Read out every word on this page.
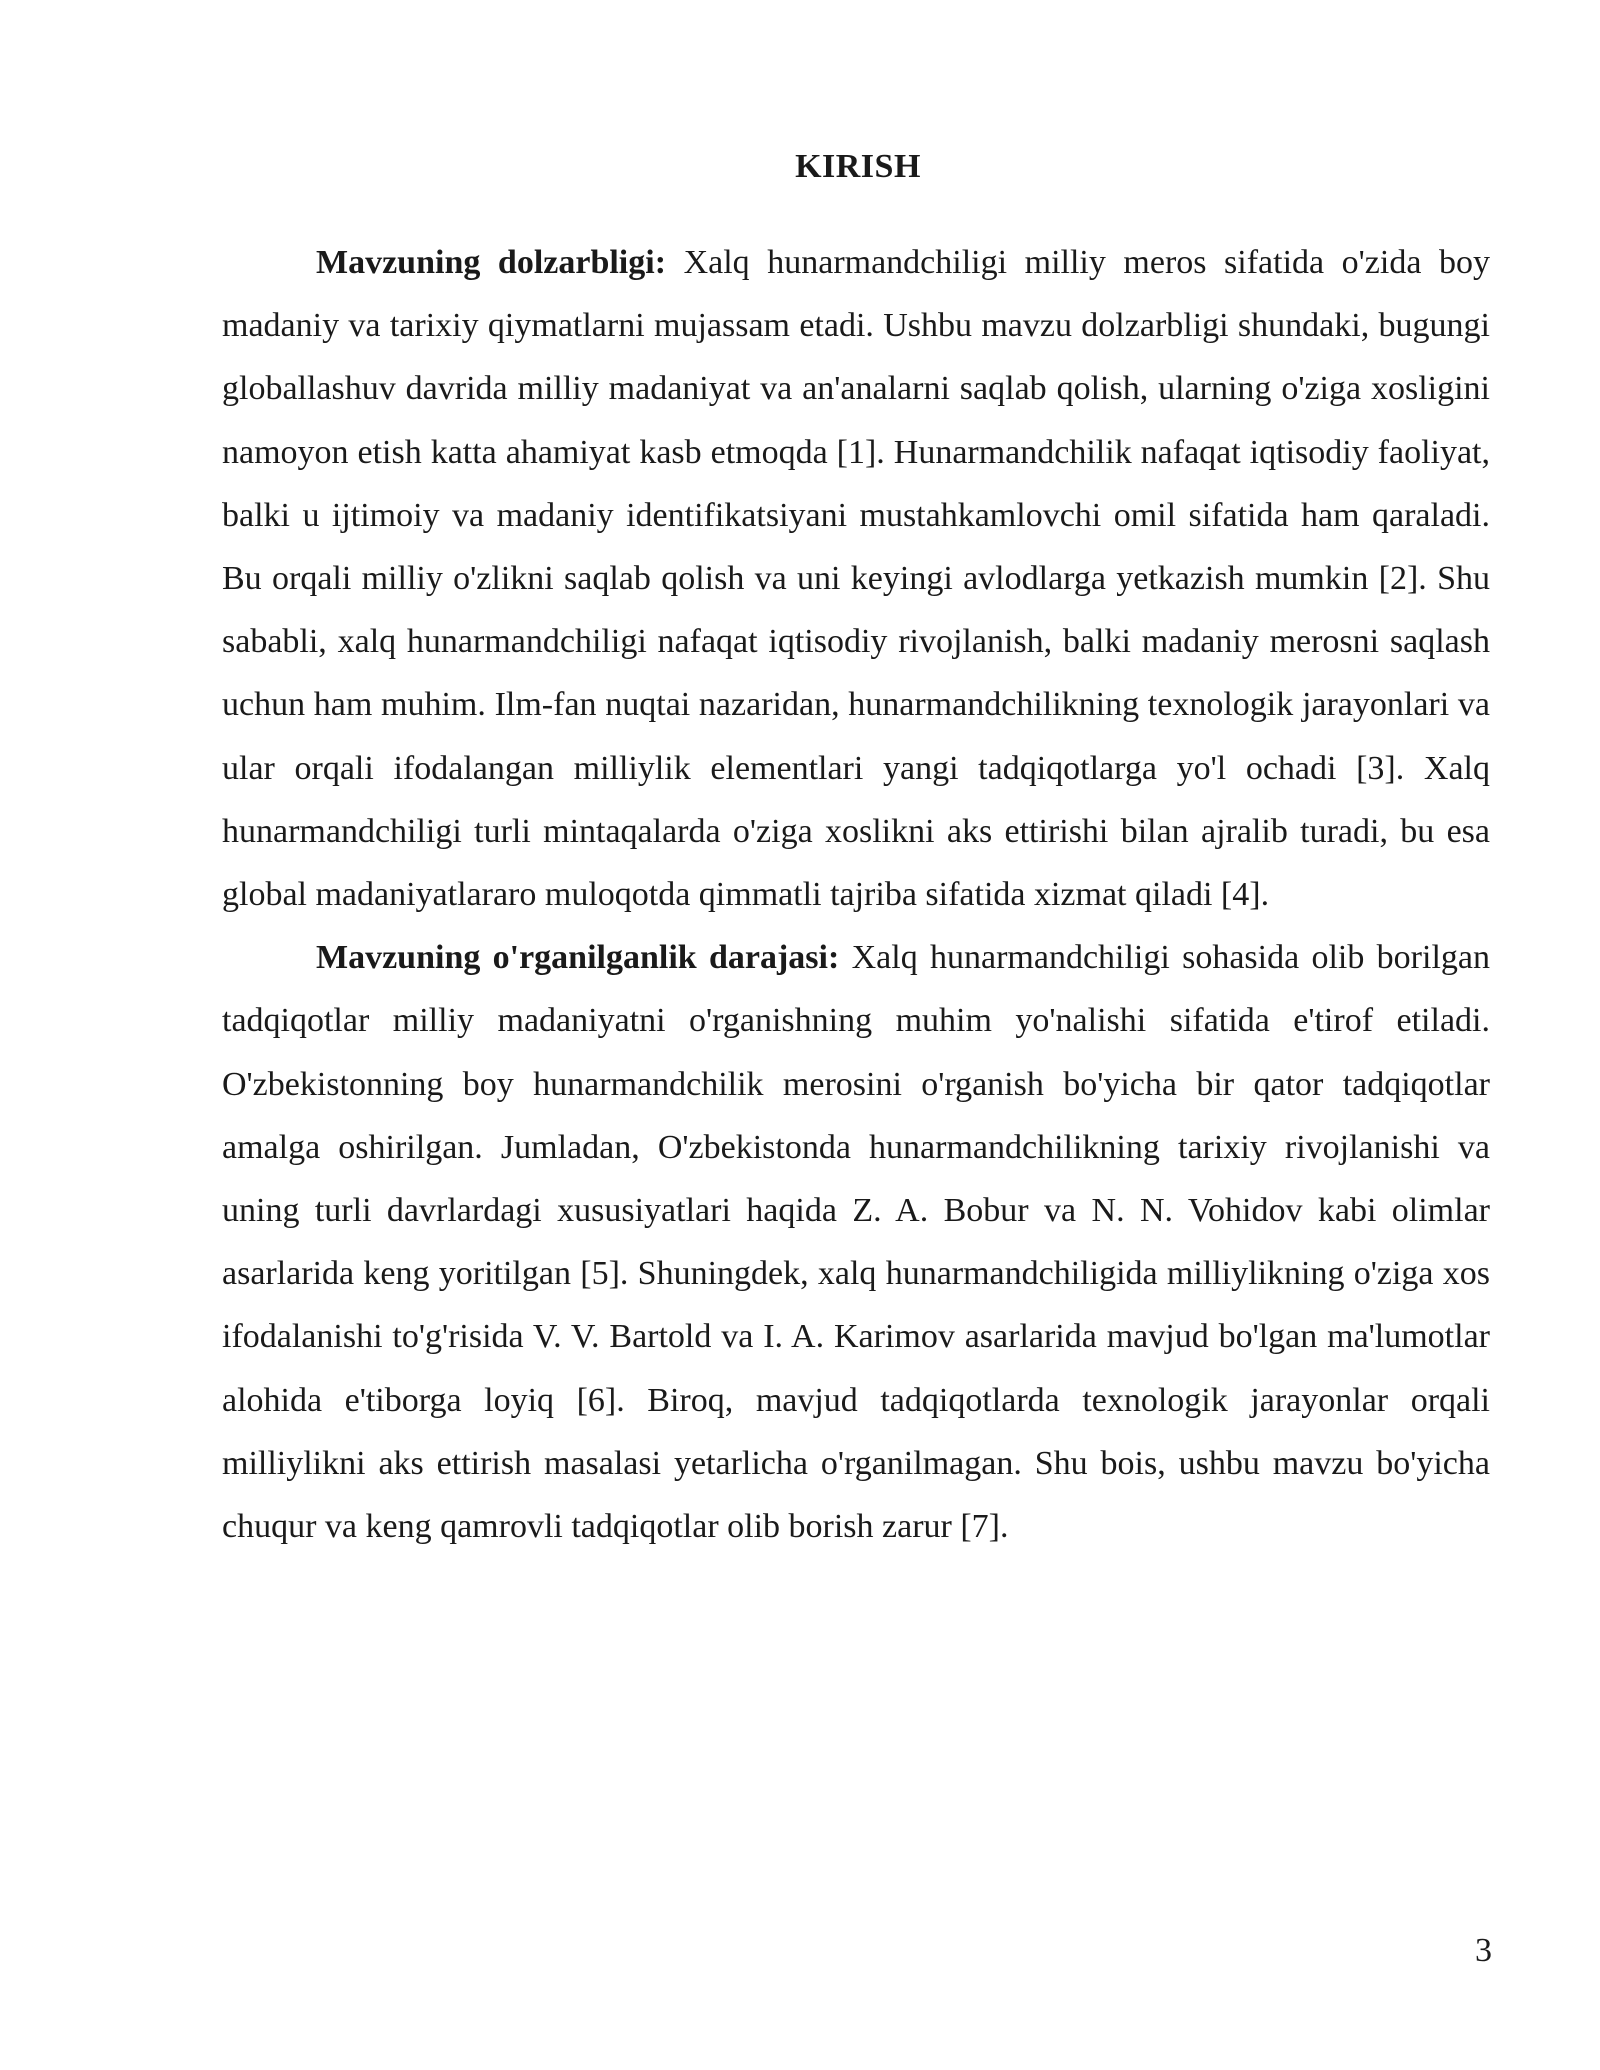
KIRISH

Mavzuning dolzarbligi: Xalq hunarmandchiligi milliy meros sifatida o'zida boy madaniy va tarixiy qiymatlarni mujassam etadi. Ushbu mavzu dolzarbligi shundaki, bugungi globallashuv davrida milliy madaniyat va an'analarni saqlab qolish, ularning o'ziga xosligini namoyon etish katta ahamiyat kasb etmoqda [1]. Hunarmandchilik nafaqat iqtisodiy faoliyat, balki u ijtimoiy va madaniy identifikatsiyani mustahkamlovchi omil sifatida ham qaraladi. Bu orqali milliy o'zlikni saqlab qolish va uni keyingi avlodlarga yetkazish mumkin [2]. Shu sababli, xalq hunarmandchiligi nafaqat iqtisodiy rivojlanish, balki madaniy merosni saqlash uchun ham muhim. Ilm-fan nuqtai nazaridan, hunarmandchilikning texnologik jarayonlari va ular orqali ifodalangan milliylik elementlari yangi tadqiqotlarga yo'l ochadi [3]. Xalq hunarmandchiligi turli mintaqalarda o'ziga xoslikni aks ettirishi bilan ajralib turadi, bu esa global madaniyatlararo muloqotda qimmatli tajriba sifatida xizmat qiladi [4].

Mavzuning o'rganilganlik darajasi: Xalq hunarmandchiligi sohasida olib borilgan tadqiqotlar milliy madaniyatni o'rganishning muhim yo'nalishi sifatida e'tirof etiladi. O'zbekistonning boy hunarmandchilik merosini o'rganish bo'yicha bir qator tadqiqotlar amalga oshirilgan. Jumladan, O'zbekistonda hunarmandchilikning tarixiy rivojlanishi va uning turli davrlardagi xususiyatlari haqida Z. A. Bobur va N. N. Vohidov kabi olimlar asarlarida keng yoritilgan [5]. Shuningdek, xalq hunarmandchiligida milliylikning o'ziga xos ifodalanishi to'g'risida V. V. Bartold va I. A. Karimov asarlarida mavjud bo'lgan ma'lumotlar alohida e'tiborga loyiq [6]. Biroq, mavjud tadqiqotlarda texnologik jarayonlar orqali milliylikni aks ettirish masalasi yetarlicha o'rganilmagan. Shu bois, ushbu mavzu bo'yicha chuqur va keng qamrovli tadqiqotlar olib borish zarur [7].

3
